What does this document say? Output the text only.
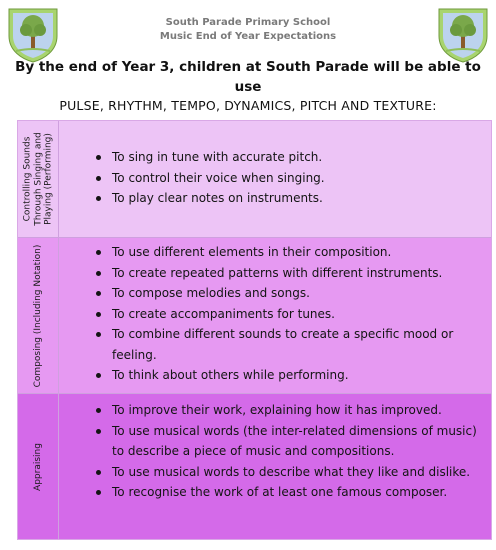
South Parade Primary School
Music End of Year Expectations
By the end of Year 3, children at South Parade will be able to use
PULSE, RHYTHM, TEMPO, DYNAMICS, PITCH AND TEXTURE:
Controlling Sounds Through Singing and Playing (Performing)	To sing in tune with accurate pitch.
To control their voice when singing.
To play clear notes on instruments.
Composing (Including Notation)	To use different elements in their composition.
To create repeated patterns with different instruments.
To compose melodies and songs.
To create accompaniments for tunes.
To combine different sounds to create a specific mood or feeling.
To think about others while performing.
Appraising
To improve their work, explaining how it has improved.
To use musical words (the inter-related dimensions of music) to describe a piece of music and compositions.
To use musical words to describe what they like and dislike.
To recognise the work of at least one famous composer.
